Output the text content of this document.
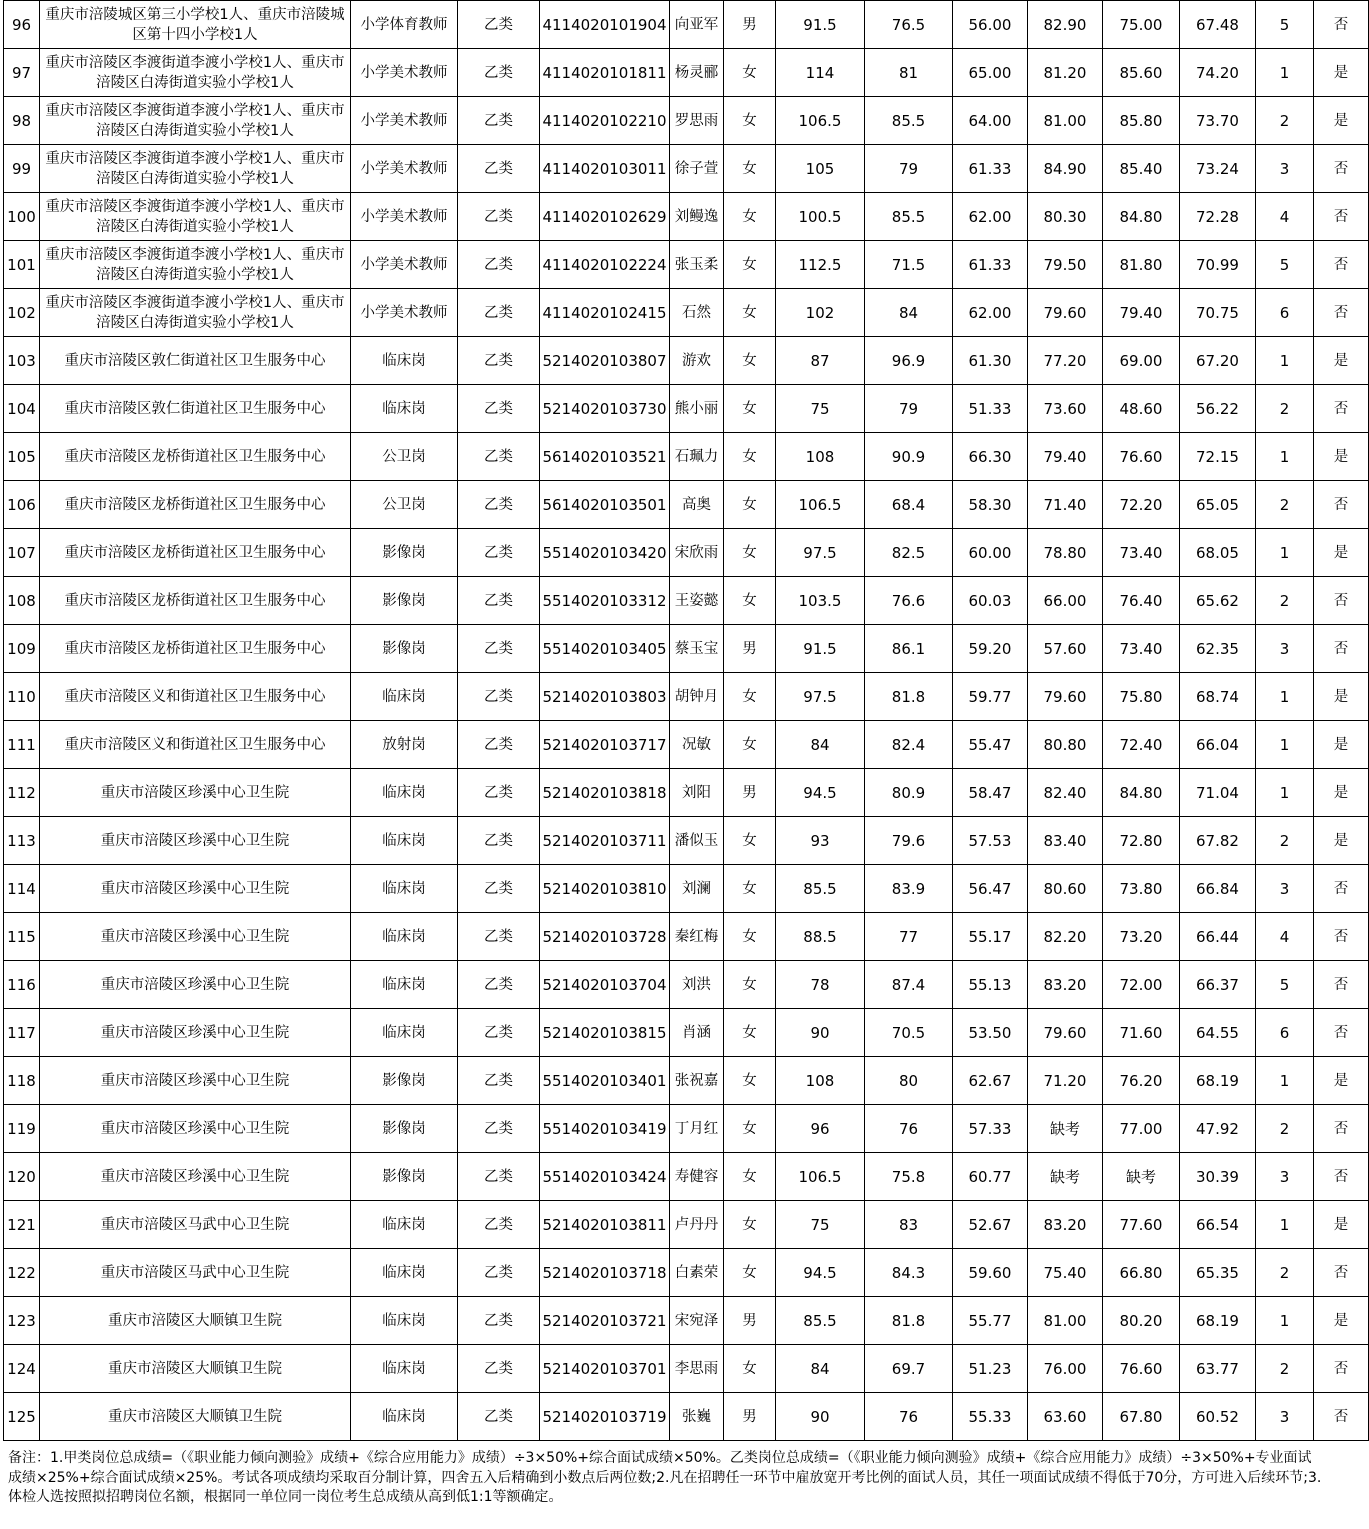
96	重庆市涪陵城区第三小学校1人、重庆市涪陵城区第十四小学校1人	小学体育教师	乙类	4114020101904	向亚军	男	91.5	76.5	56.00	82.90	75.00	67.48	5	否
97	重庆市涪陵区李渡街道李渡小学校1人、重庆市涪陵区白涛街道实验小学校1人	小学美术教师	乙类	4114020101811	杨灵郦	女	114	81	65.00	81.20	85.60	74.20	1	是
98	重庆市涪陵区李渡街道李渡小学校1人、重庆市涪陵区白涛街道实验小学校1人	小学美术教师	乙类	4114020102210	罗思雨	女	106.5	85.5	64.00	81.00	85.80	73.70	2	是
99	重庆市涪陵区李渡街道李渡小学校1人、重庆市涪陵区白涛街道实验小学校1人	小学美术教师	乙类	4114020103011	徐子萱	女	105	79	61.33	84.90	85.40	73.24	3	否
100	重庆市涪陵区李渡街道李渡小学校1人、重庆市涪陵区白涛街道实验小学校1人	小学美术教师	乙类	4114020102629	刘鳗逸	女	100.5	85.5	62.00	80.30	84.80	72.28	4	否
101	重庆市涪陵区李渡街道李渡小学校1人、重庆市涪陵区白涛街道实验小学校1人	小学美术教师	乙类	4114020102224	张玉柔	女	112.5	71.5	61.33	79.50	81.80	70.99	5	否
102	重庆市涪陵区李渡街道李渡小学校1人、重庆市涪陵区白涛街道实验小学校1人	小学美术教师	乙类	4114020102415	石然	女	102	84	62.00	79.60	79.40	70.75	6	否
103	重庆市涪陵区敦仁街道社区卫生服务中心	临床岗	乙类	5214020103807	游欢	女	87	96.9	61.30	77.20	69.00	67.20	1	是
104	重庆市涪陵区敦仁街道社区卫生服务中心	临床岗	乙类	5214020103730	熊小丽	女	75	79	51.33	73.60	48.60	56.22	2	否
105	重庆市涪陵区龙桥街道社区卫生服务中心	公卫岗	乙类	5614020103521	石珮力	女	108	90.9	66.30	79.40	76.60	72.15	1	是
106	重庆市涪陵区龙桥街道社区卫生服务中心	公卫岗	乙类	5614020103501	高奥	女	106.5	68.4	58.30	71.40	72.20	65.05	2	否
107	重庆市涪陵区龙桥街道社区卫生服务中心	影像岗	乙类	5514020103420	宋欣雨	女	97.5	82.5	60.00	78.80	73.40	68.05	1	是
108	重庆市涪陵区龙桥街道社区卫生服务中心	影像岗	乙类	5514020103312	王姿懿	女	103.5	76.6	60.03	66.00	76.40	65.62	2	否
109	重庆市涪陵区龙桥街道社区卫生服务中心	影像岗	乙类	5514020103405	蔡玉宝	男	91.5	86.1	59.20	57.60	73.40	62.35	3	否
110	重庆市涪陵区义和街道社区卫生服务中心	临床岗	乙类	5214020103803	胡钟月	女	97.5	81.8	59.77	79.60	75.80	68.74	1	是
111	重庆市涪陵区义和街道社区卫生服务中心	放射岗	乙类	5214020103717	况敏	女	84	82.4	55.47	80.80	72.40	66.04	1	是
112	重庆市涪陵区珍溪中心卫生院	临床岗	乙类	5214020103818	刘阳	男	94.5	80.9	58.47	82.40	84.80	71.04	1	是
113	重庆市涪陵区珍溪中心卫生院	临床岗	乙类	5214020103711	潘似玉	女	93	79.6	57.53	83.40	72.80	67.82	2	是
114	重庆市涪陵区珍溪中心卫生院	临床岗	乙类	5214020103810	刘澜	女	85.5	83.9	56.47	80.60	73.80	66.84	3	否
115	重庆市涪陵区珍溪中心卫生院	临床岗	乙类	5214020103728	秦红梅	女	88.5	77	55.17	82.20	73.20	66.44	4	否
116	重庆市涪陵区珍溪中心卫生院	临床岗	乙类	5214020103704	刘洪	女	78	87.4	55.13	83.20	72.00	66.37	5	否
117	重庆市涪陵区珍溪中心卫生院	临床岗	乙类	5214020103815	肖涵	女	90	70.5	53.50	79.60	71.60	64.55	6	否
118	重庆市涪陵区珍溪中心卫生院	影像岗	乙类	5514020103401	张祝嘉	女	108	80	62.67	71.20	76.20	68.19	1	是
119	重庆市涪陵区珍溪中心卫生院	影像岗	乙类	5514020103419	丁月红	女	96	76	57.33	缺考	77.00	47.92	2	否
120	重庆市涪陵区珍溪中心卫生院	影像岗	乙类	5514020103424	寿健容	女	106.5	75.8	60.77	缺考	缺考	30.39	3	否
121	重庆市涪陵区马武中心卫生院	临床岗	乙类	5214020103811	卢丹丹	女	75	83	52.67	83.20	77.60	66.54	1	是
122	重庆市涪陵区马武中心卫生院	临床岗	乙类	5214020103718	白素荣	女	94.5	84.3	59.60	75.40	66.80	65.35	2	否
123	重庆市涪陵区大顺镇卫生院	临床岗	乙类	5214020103721	宋宛泽	男	85.5	81.8	55.77	81.00	80.20	68.19	1	是
124	重庆市涪陵区大顺镇卫生院	临床岗	乙类	5214020103701	李思雨	女	84	69.7	51.23	76.00	76.60	63.77	2	否
125	重庆市涪陵区大顺镇卫生院	临床岗	乙类	5214020103719	张巍	男	90	76	55.33	63.60	67.80	60.52	3	否
备注：1.甲类岗位总成绩=（《职业能力倾向测验》成绩+《综合应用能力》成绩）÷3×50%+综合面试成绩×50%。乙类岗位总成绩=（《职业能力倾向测验》成绩+《综合应用能力》成绩）÷3×50%+专业面试成绩×25%+综合面试成绩×25%。考试各项成绩均采取百分制计算，四舍五入后精确到小数点后两位数;2.凡在招聘任一环节中雇放宽开考比例的面试人员，其任一项面试成绩不得低于70分，方可进入后续环节;3.体检人选按照拟招聘岗位名额，根据同一单位同一岗位考生总成绩从高到低1:1等额确定。
